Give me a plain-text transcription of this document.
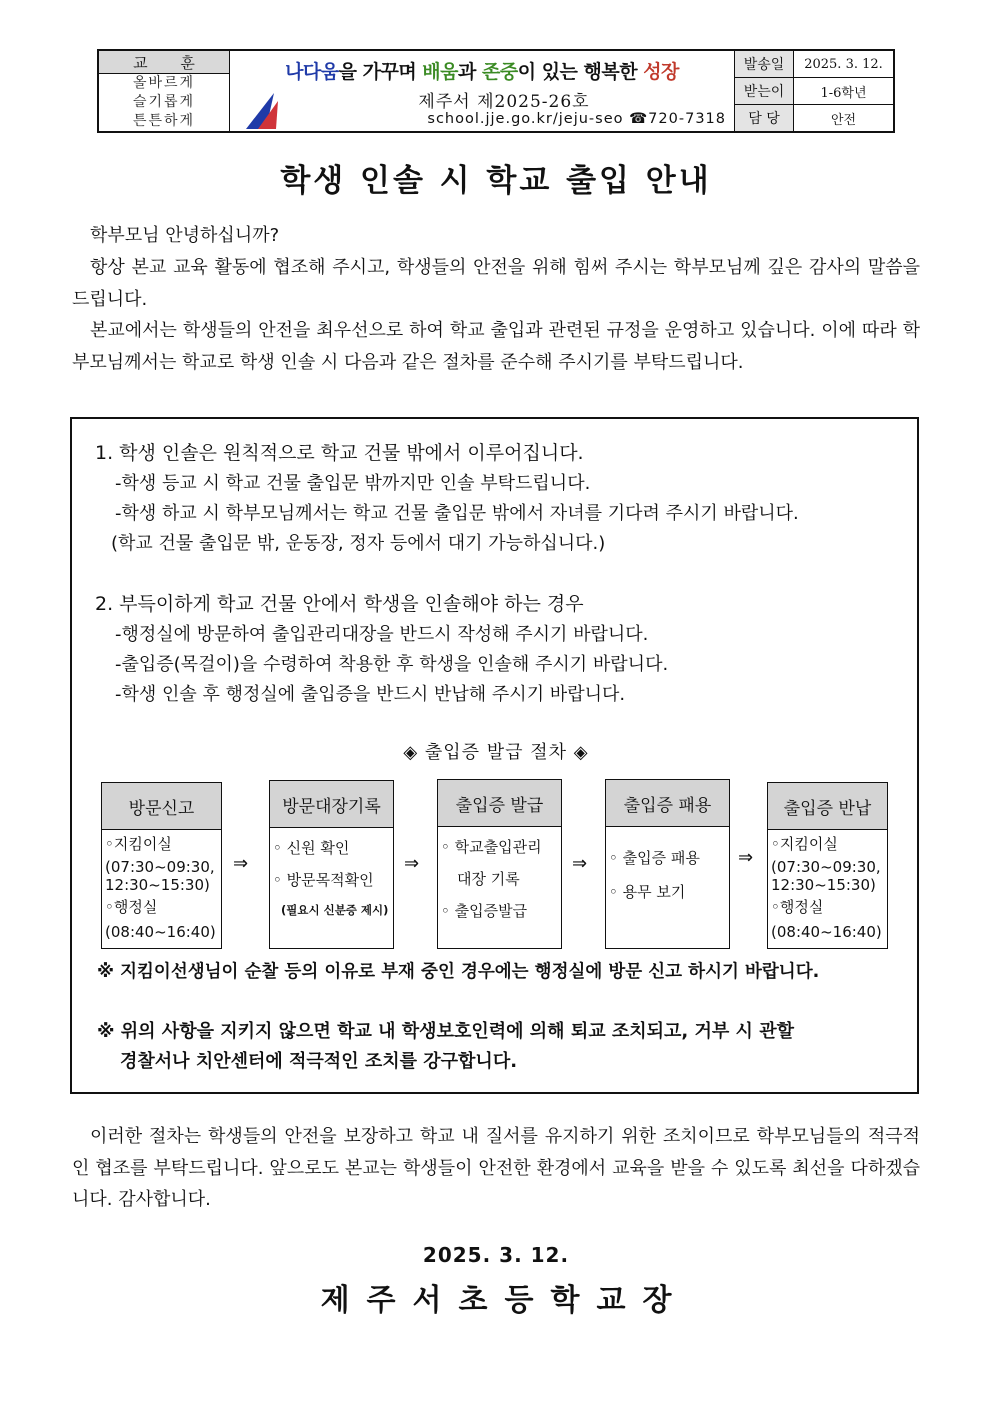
교 훈
올바르게
슬기롭게
튼튼하게
나다움을 가꾸며 배움과 존중이 있는 행복한 성장
제주서 제2025-26호
school.jje.go.kr/jeju-seo ☎720-7318
발송일	2025. 3. 12.
받는이	1-6학년
담 당	안전
학생 인솔 시 학교 출입 안내
학부모님 안녕하십니까?
항상 본교 교육 활동에 협조해 주시고, 학생들의 안전을 위해 힘써 주시는 학부모님께 깊은 감사의 말씀을 드립니다.
본교에서는 학생들의 안전을 최우선으로 하여 학교 출입과 관련된 규정을 운영하고 있습니다. 이에 따라 학부모님께서는 학교로 학생 인솔 시 다음과 같은 절차를 준수해 주시기를 부탁드립니다.
1. 학생 인솔은 원칙적으로 학교 건물 밖에서 이루어집니다.
-학생 등교 시 학교 건물 출입문 밖까지만 인솔 부탁드립니다.
-학생 하교 시 학부모님께서는 학교 건물 출입문 밖에서 자녀를 기다려 주시기 바랍니다.
(학교 건물 출입문 밖, 운동장, 정자 등에서 대기 가능하십니다.)
2. 부득이하게 학교 건물 안에서 학생을 인솔해야 하는 경우
-행정실에 방문하여 출입관리대장을 반드시 작성해 주시기 바랍니다.
-출입증(목걸이)을 수령하여 착용한 후 학생을 인솔해 주시기 바랍니다.
-학생 인솔 후 행정실에 출입증을 반드시 반납해 주시기 바랍니다.
◈ 출입증 발급 절차 ◈
방문신고
◦지킴이실
(07:30~09:30,
12:30~15:30)
◦행정실
(08:40~16:40)
⇒
방문대장기록
◦ 신원 확인
◦ 방문목적확인
(필요시 신분증 제시)
⇒
출입증 발급
◦ 학교출입관리
대장 기록
◦ 출입증발급
⇒
출입증 패용
◦ 출입증 패용
◦ 용무 보기
⇒
출입증 반납
◦지킴이실
(07:30~09:30,
12:30~15:30)
◦행정실
(08:40~16:40)
※ 지킴이선생님이 순찰 등의 이유로 부재 중인 경우에는 행정실에 방문 신고 하시기 바랍니다.
※ 위의 사항을 지키지 않으면 학교 내 학생보호인력에 의해 퇴교 조치되고, 거부 시 관할
경찰서나 치안센터에 적극적인 조치를 강구합니다.
이러한 절차는 학생들의 안전을 보장하고 학교 내 질서를 유지하기 위한 조치이므로 학부모님들의 적극적인 협조를 부탁드립니다. 앞으로도 본교는 학생들이 안전한 환경에서 교육을 받을 수 있도록 최선을 다하겠습니다. 감사합니다.
2025. 3. 12.
제주서초등학교장
